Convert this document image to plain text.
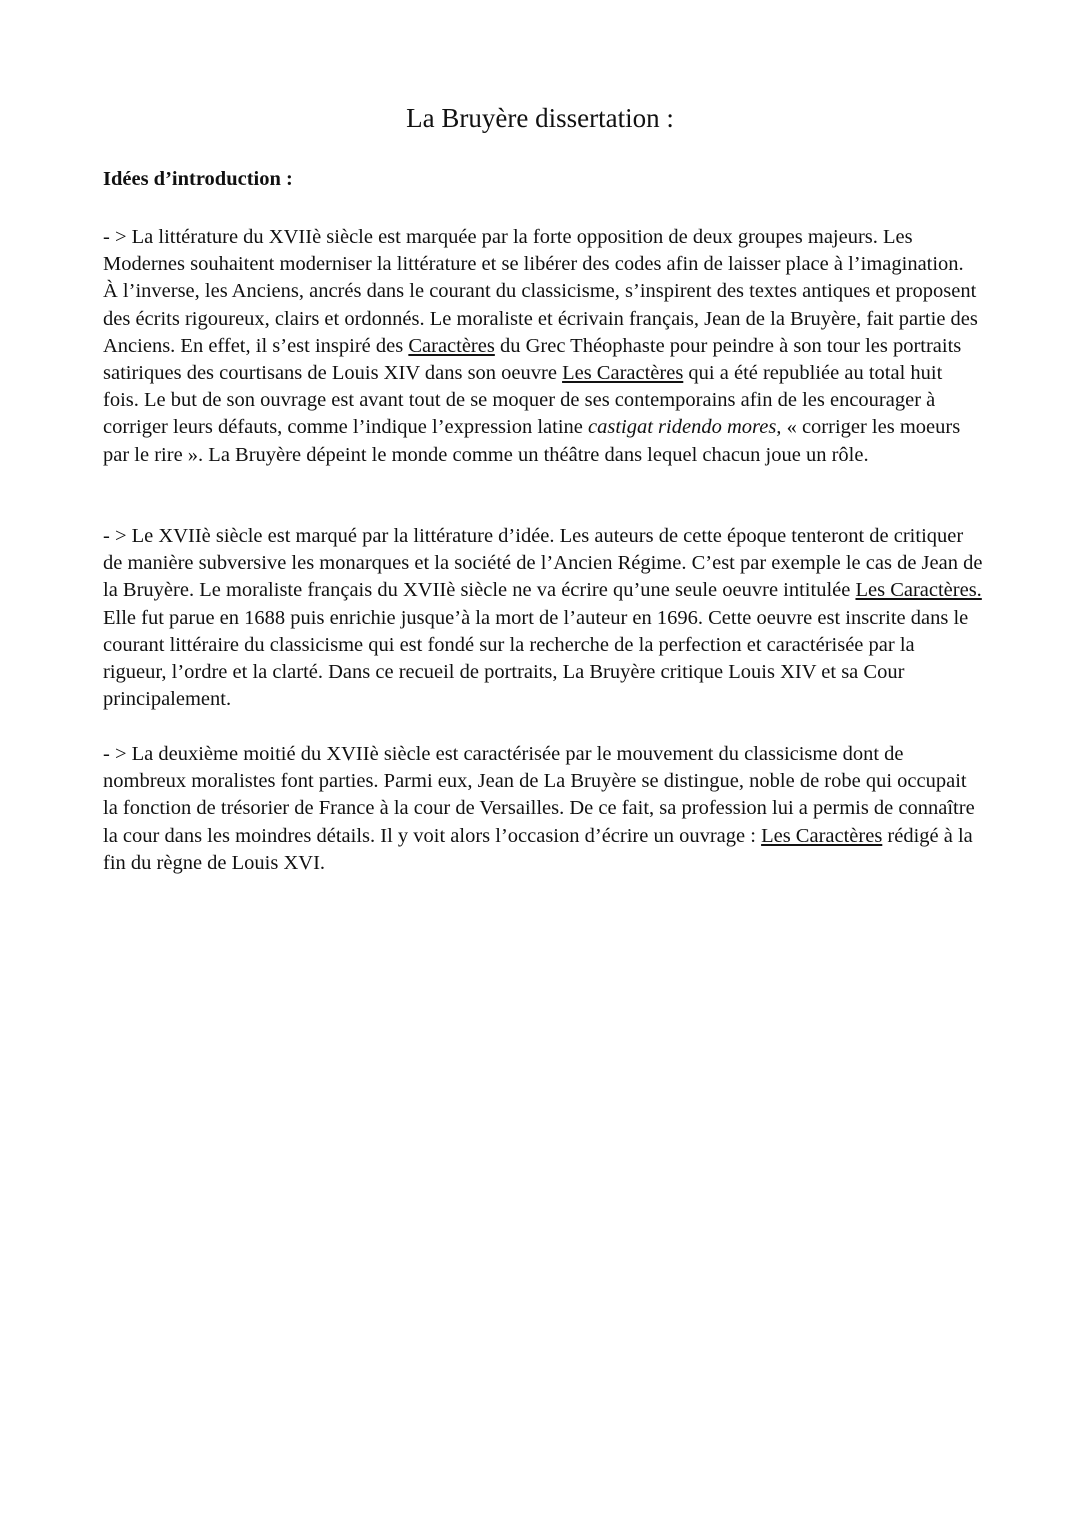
La Bruyère dissertation :
Idées d’introduction :

- > La littérature du XVIIè siècle est marquée par la forte opposition de deux groupes majeurs. Les Modernes souhaitent moderniser la littérature et se libérer des codes afin de laisser place à l’imagination. À l’inverse, les Anciens, ancrés dans le courant du classicisme, s’inspirent des textes antiques et proposent des écrits rigoureux, clairs et ordonnés. Le moraliste et écrivain français, Jean de la Bruyère, fait partie des Anciens. En effet, il s’est inspiré des Caractères du Grec Théophaste pour peindre à son tour les portraits satiriques des courtisans de Louis XIV dans son oeuvre Les Caractères qui a été republiée au total huit fois. Le but de son ouvrage est avant tout de se moquer de ses contemporains afin de les encourager à corriger leurs défauts, comme l’indique l’expression latine castigat ridendo mores, « corriger les moeurs par le rire ». La Bruyère dépeint le monde comme un théâtre dans lequel chacun joue un rôle.

- > Le XVIIè siècle est marqué par la littérature d’idée. Les auteurs de cette époque tenteront de critiquer de manière subversive les monarques et la société de l’Ancien Régime. C’est par exemple le cas de Jean de la Bruyère. Le moraliste français du XVIIè siècle ne va écrire qu’une seule oeuvre intitulée Les Caractères. Elle fut parue en 1688 puis enrichie jusque’à la mort de l’auteur en 1696. Cette oeuvre est inscrite dans le courant littéraire du classicisme qui est fondé sur la recherche de la perfection et caractérisée par la rigueur, l’ordre et la clarté. Dans ce recueil de portraits, La Bruyère critique Louis XIV et sa Cour principalement.

- > La deuxième moitié du XVIIè siècle est caractérisée par le mouvement du classicisme dont de nombreux moralistes font parties. Parmi eux, Jean de La Bruyère se distingue, noble de robe qui occupait la fonction de trésorier de France à la cour de Versailles. De ce fait, sa profession lui a permis de connaître la cour dans les moindres détails. Il y voit alors l’occasion d’écrire un ouvrage : Les Caractères rédigé à la fin du règne de Louis XVI.
